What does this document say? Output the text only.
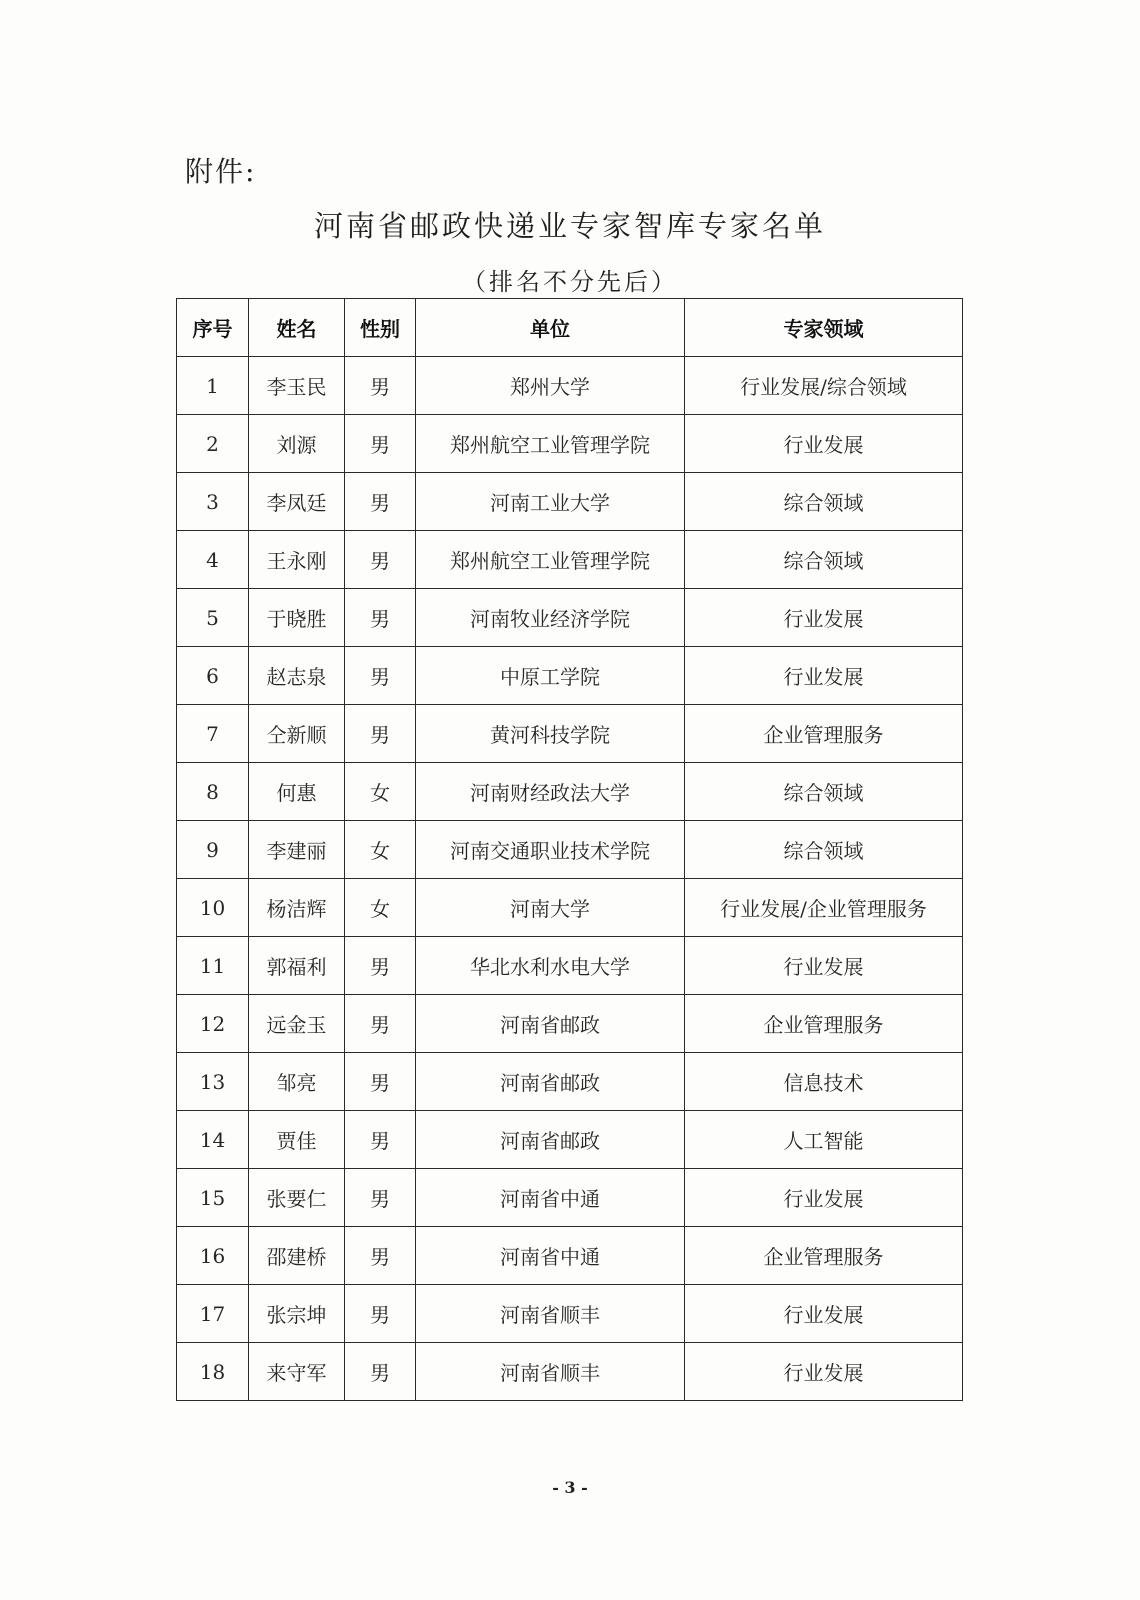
附件:
河南省邮政快递业专家智库专家名单
（排名不分先后）
序号	姓名	性别	单位	专家领域
1	李玉民	男	郑州大学	行业发展/综合领域
2	刘源	男	郑州航空工业管理学院	行业发展
3	李凤廷	男	河南工业大学	综合领域
4	王永刚	男	郑州航空工业管理学院	综合领域
5	于晓胜	男	河南牧业经济学院	行业发展
6	赵志泉	男	中原工学院	行业发展
7	仝新顺	男	黄河科技学院	企业管理服务
8	何惠	女	河南财经政法大学	综合领域
9	李建丽	女	河南交通职业技术学院	综合领域
10	杨洁辉	女	河南大学	行业发展/企业管理服务
11	郭福利	男	华北水利水电大学	行业发展
12	远金玉	男	河南省邮政	企业管理服务
13	邹亮	男	河南省邮政	信息技术
14	贾佳	男	河南省邮政	人工智能
15	张要仁	男	河南省中通	行业发展
16	邵建桥	男	河南省中通	企业管理服务
17	张宗坤	男	河南省顺丰	行业发展
18	来守军	男	河南省顺丰	行业发展
- 3 -
